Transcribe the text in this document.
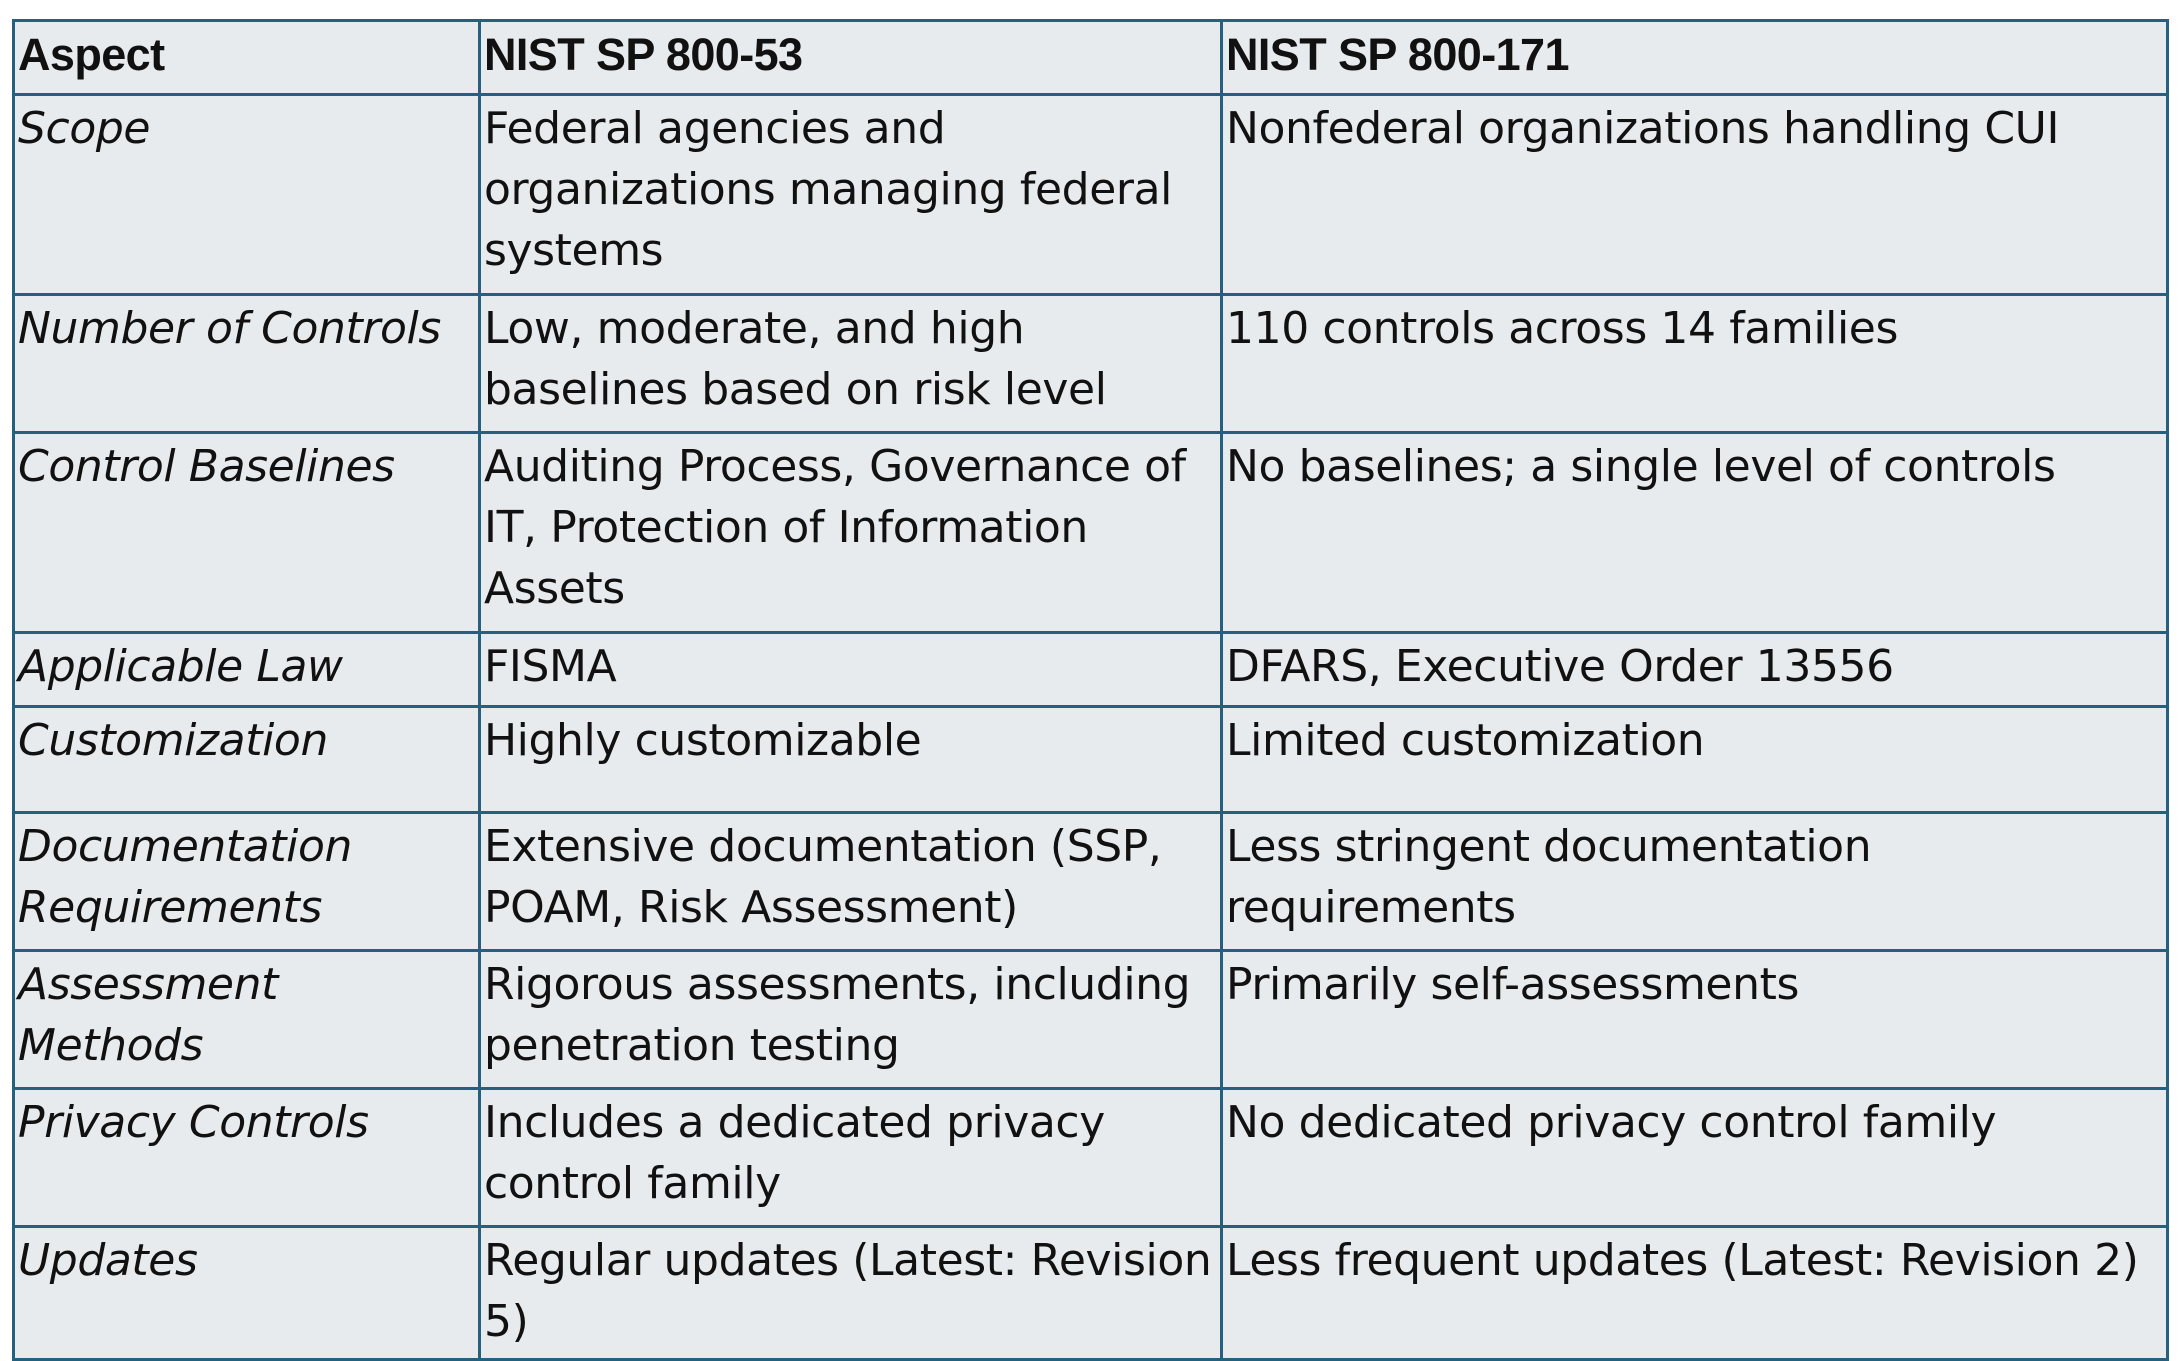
Aspect	NIST SP 800-53	NIST SP 800-171
Scope	Federal agencies and organizations managing federal systems	Nonfederal organizations handling CUI
Number of Controls	Low, moderate, and high baselines based on risk level	110 controls across 14 families
Control Baselines	Auditing Process, Governance of IT, Protection of Information Assets	No baselines; a single level of controls
Applicable Law	FISMA	DFARS, Executive Order 13556
Customization	Highly customizable	Limited customization
Documentation Requirements	Extensive documentation (SSP, POAM, Risk Assessment)	Less stringent documentation requirements
Assessment Methods	Rigorous assessments, including penetration testing	Primarily self-assessments
Privacy Controls	Includes a dedicated privacy control family	No dedicated privacy control family
Updates	Regular updates (Latest: Revision 5)	Less frequent updates (Latest: Revision 2)
